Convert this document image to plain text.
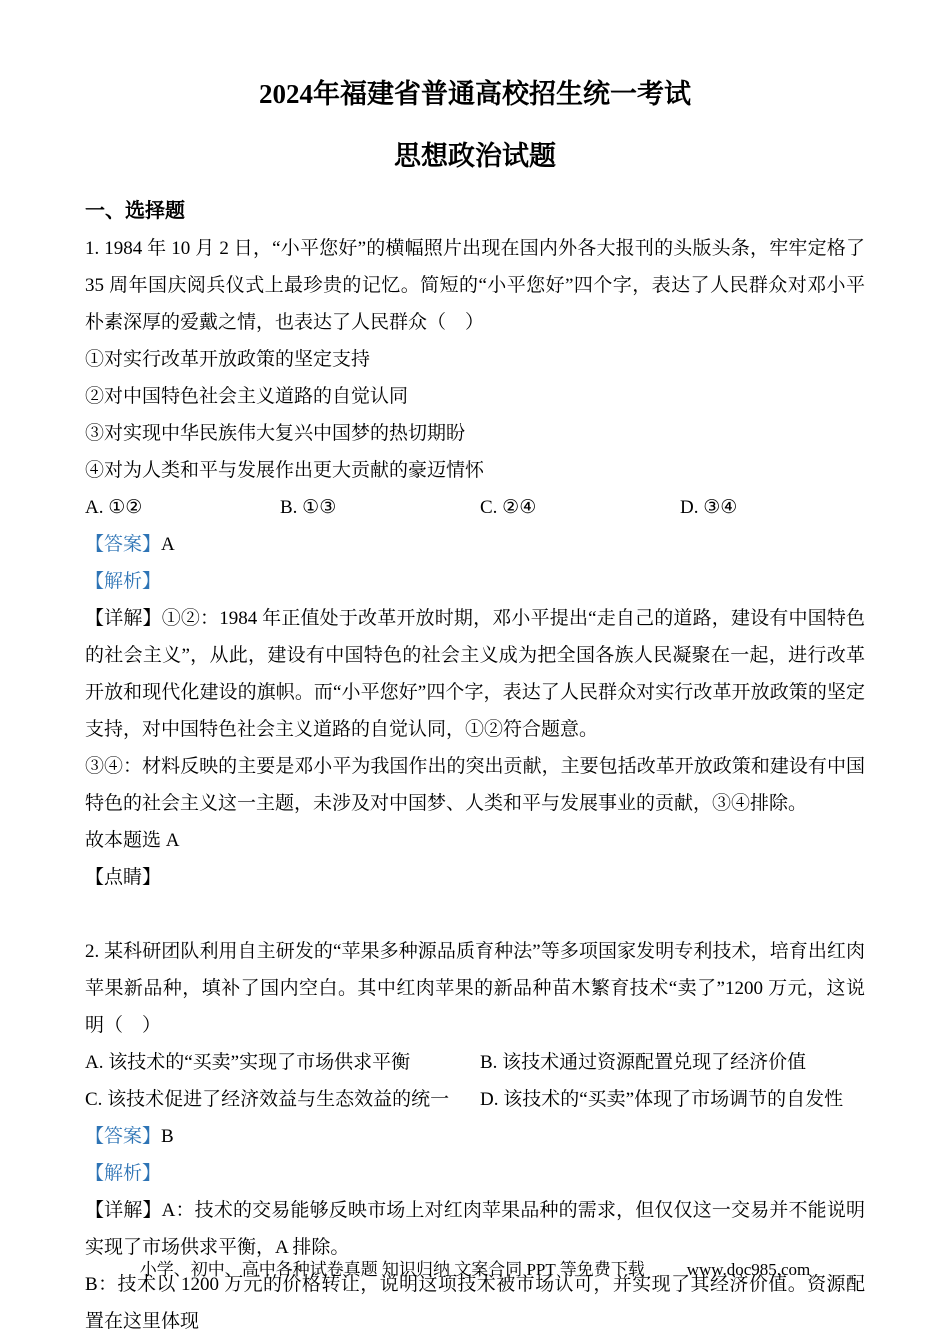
2024年福建省普通高校招生统一考试
思想政治试题
一、选择题

1. 1984 年 10 月 2 日，“小平您好”的横幅照片出现在国内外各大报刊的头版头条，牢牢定格了 35 周年国庆阅兵仪式上最珍贵的记忆。简短的“小平您好”四个字，表达了人民群众对邓小平朴素深厚的爱戴之情，也表达了人民群众（　）

①对实行改革开放政策的坚定支持

②对中国特色社会主义道路的自觉认同

③对实现中华民族伟大复兴中国梦的热切期盼

④对为人类和平与发展作出更大贡献的豪迈情怀

A. ①②	B. ①③	C. ②④	D. ③④

【答案】A

【解析】

【详解】①②：1984 年正值处于改革开放时期，邓小平提出“走自己的道路，建设有中国特色的社会主义”，从此，建设有中国特色的社会主义成为把全国各族人民凝聚在一起，进行改革开放和现代化建设的旗帜。而“小平您好”四个字，表达了人民群众对实行改革开放政策的坚定支持，对中国特色社会主义道路的自觉认同，①②符合题意。

③④：材料反映的主要是邓小平为我国作出的突出贡献，主要包括改革开放政策和建设有中国特色的社会主义这一主题，未涉及对中国梦、人类和平与发展事业的贡献，③④排除。

故本题选 A

【点睛】

2. 某科研团队利用自主研发的“苹果多种源品质育种法”等多项国家发明专利技术，培育出红肉苹果新品种，填补了国内空白。其中红肉苹果的新品种苗木繁育技术“卖了”1200 万元，这说明（　）

A. 该技术的“买卖”实现了市场供求平衡	B. 该技术通过资源配置兑现了经济价值
C. 该技术促进了经济效益与生态效益的统一	D. 该技术的“买卖”体现了市场调节的自发性

【答案】B

【解析】

【详解】A：技术的交易能够反映市场上对红肉苹果品种的需求，但仅仅这一交易并不能说明实现了市场供求平衡，A 排除。

B：技术以 1200 万元的价格转让，说明这项技术被市场认可，并实现了其经济价值。资源配置在这里体现

小学、初中、高中各种试卷真题 知识归纳 文案合同 PPT 等免费下载 www.doc985.com
